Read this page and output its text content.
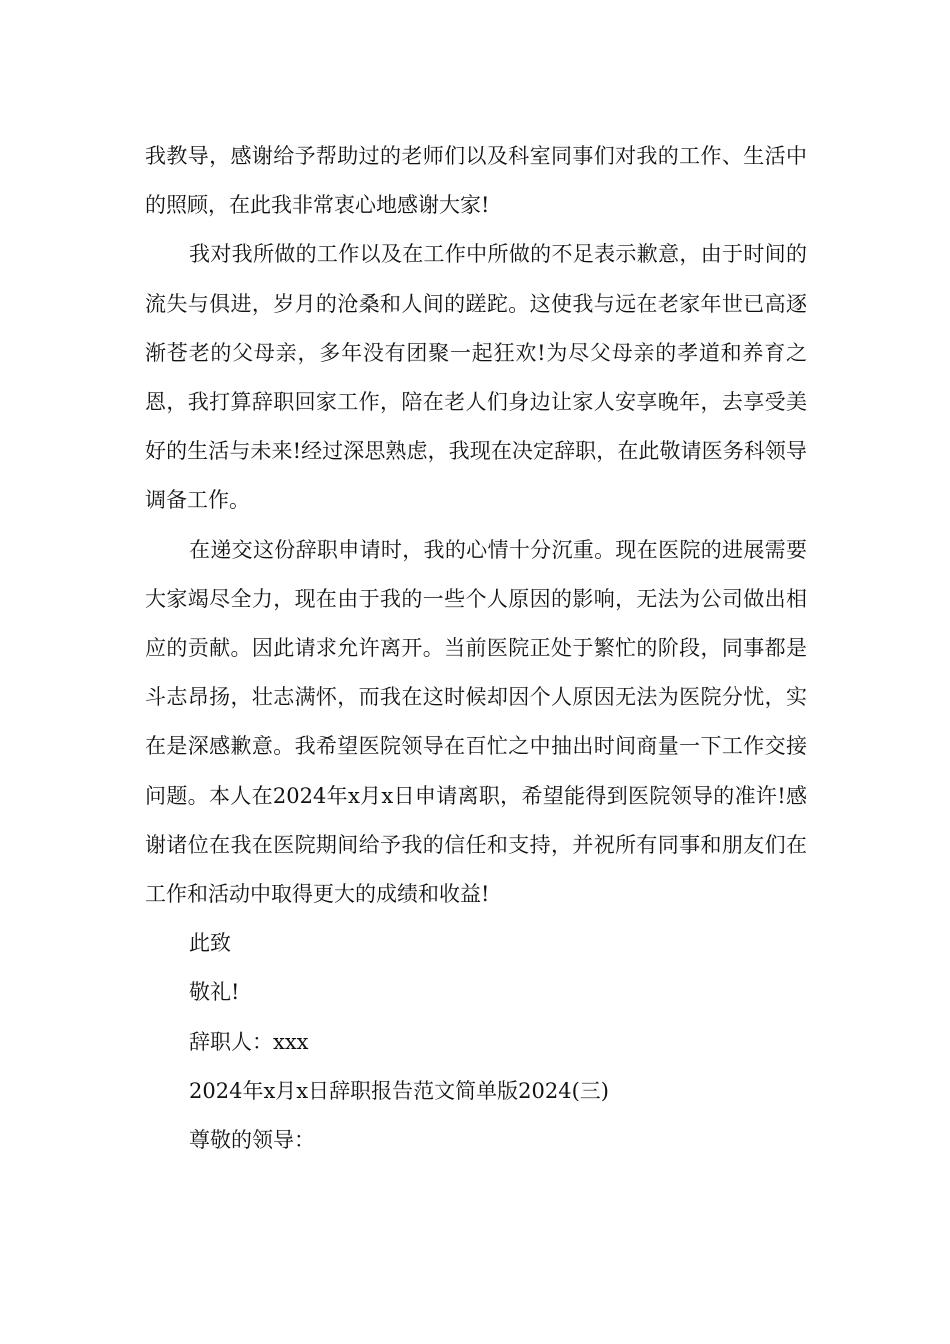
我教导，感谢给予帮助过的老师们以及科室同事们对我的工作、生活中的照顾，在此我非常衷心地感谢大家!

我对我所做的工作以及在工作中所做的不足表示歉意，由于时间的流失与俱进，岁月的沧桑和人间的蹉跎。这使我与远在老家年世已高逐渐苍老的父母亲，多年没有团聚一起狂欢!为尽父母亲的孝道和养育之恩，我打算辞职回家工作，陪在老人们身边让家人安享晚年，去享受美好的生活与未来!经过深思熟虑，我现在决定辞职，在此敬请医务科领导调备工作。

在递交这份辞职申请时，我的心情十分沉重。现在医院的进展需要大家竭尽全力，现在由于我的一些个人原因的影响，无法为公司做出相应的贡献。因此请求允许离开。当前医院正处于繁忙的阶段，同事都是斗志昂扬，壮志满怀，而我在这时候却因个人原因无法为医院分忧，实在是深感歉意。我希望医院领导在百忙之中抽出时间商量一下工作交接问题。本人在2024年x月x日申请离职，希望能得到医院领导的准许!感谢诸位在我在医院期间给予我的信任和支持，并祝所有同事和朋友们在工作和活动中取得更大的成绩和收益!

此致

敬礼!

辞职人：xxx

2024年x月x日辞职报告范文简单版2024(三)

尊敬的领导：
